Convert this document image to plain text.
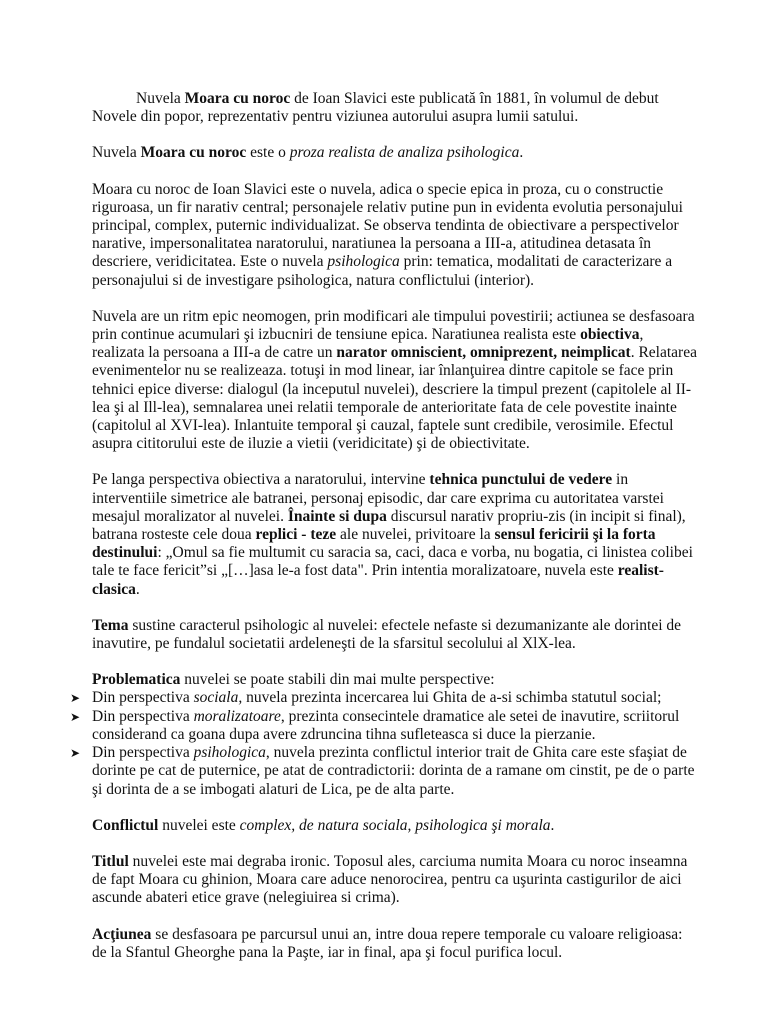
Nuvela Moara cu noroc de Ioan Slavici este publicată în 1881, în volumul de debut Novele din popor, reprezentativ pentru viziunea autorului asupra lumii satului.

Nuvela Moara cu noroc este o proza realista de analiza psihologica.

Moara cu noroc de Ioan Slavici este o nuvela, adica o specie epica in proza, cu o constructie riguroasa, un fir narativ central; personajele relativ putine pun in evidenta evolutia personajului principal, complex, puternic individualizat. Se observa tendinta de obiectivare a perspectivelor narative, impersonalitatea naratorului, naratiunea la persoana a III-a, atitudinea detasata în descriere, veridicitatea. Este o nuvela psihologica prin: tematica, modalitati de caracterizare a personajului si de investigare psihologica, natura conflictului (interior).

Nuvela are un ritm epic neomogen, prin modificari ale timpului povestirii; actiunea se desfasoara prin continue acumulari şi izbucniri de tensiune epica. Naratiunea realista este obiectiva, realizata la persoana a III-a de catre un narator omniscient, omniprezent, neimplicat. Relatarea evenimentelor nu se realizeaza. totuşi in mod linear, iar înlanţuirea dintre capitole se face prin tehnici epice diverse: dialogul (la inceputul nuvelei), descriere la timpul prezent (capitolele al II-lea şi al Ill-lea), semnalarea unei relatii temporale de anterioritate fata de cele povestite inainte (capitolul al XVI-lea). Inlantuite temporal şi cauzal, faptele sunt credibile, verosimile. Efectul asupra cititorului este de iluzie a vietii (veridicitate) şi de obiectivitate.

Pe langa perspectiva obiectiva a naratorului, intervine tehnica punctului de vedere in interventiile simetrice ale batranei, personaj episodic, dar care exprima cu autoritatea varstei mesajul moralizator al nuvelei. Înainte si dupa discursul narativ propriu-zis (in incipit si final), batrana rosteste cele doua replici - teze ale nuvelei, privitoare la sensul fericirii şi la forta destinului: „Omul sa fie multumit cu saracia sa, caci, daca e vorba, nu bogatia, ci linistea colibei tale te face fericit”si „[…]asa le-a fost data". Prin intentia moralizatoare, nuvela este realist-clasica.

Tema sustine caracterul psihologic al nuvelei: efectele nefaste si dezumanizante ale dorintei de inavutire, pe fundalul societatii ardeleneşti de la sfarsitul secolului al XlX-lea.

Problematica nuvelei se poate stabili din mai multe perspective:

➤ Din perspectiva sociala, nuvela prezinta incercarea lui Ghita de a-si schimba statutul social;
➤ Din perspectiva moralizatoare, prezinta consecintele dramatice ale setei de inavutire, scriitorul considerand ca goana dupa avere zdruncina tihna sufleteasca si duce la pierzanie.
➤ Din perspectiva psihologica, nuvela prezinta conflictul interior trait de Ghita care este sfaşiat de dorinte pe cat de puternice, pe atat de contradictorii: dorinta de a ramane om cinstit, pe de o parte şi dorinta de a se imbogati alaturi de Lica, pe de alta parte.

Conflictul nuvelei este complex, de natura sociala, psihologica şi morala.

Titlul nuvelei este mai degraba ironic. Toposul ales, carciuma numita Moara cu noroc inseamna de fapt Moara cu ghinion, Moara care aduce nenorocirea, pentru ca uşurinta castigurilor de aici ascunde abateri etice grave (nelegiuirea si crima).

Acţiunea se desfasoara pe parcursul unui an, intre doua repere temporale cu valoare religioasa: de la Sfantul Gheorghe pana la Paşte, iar in final, apa şi focul purifica locul.
